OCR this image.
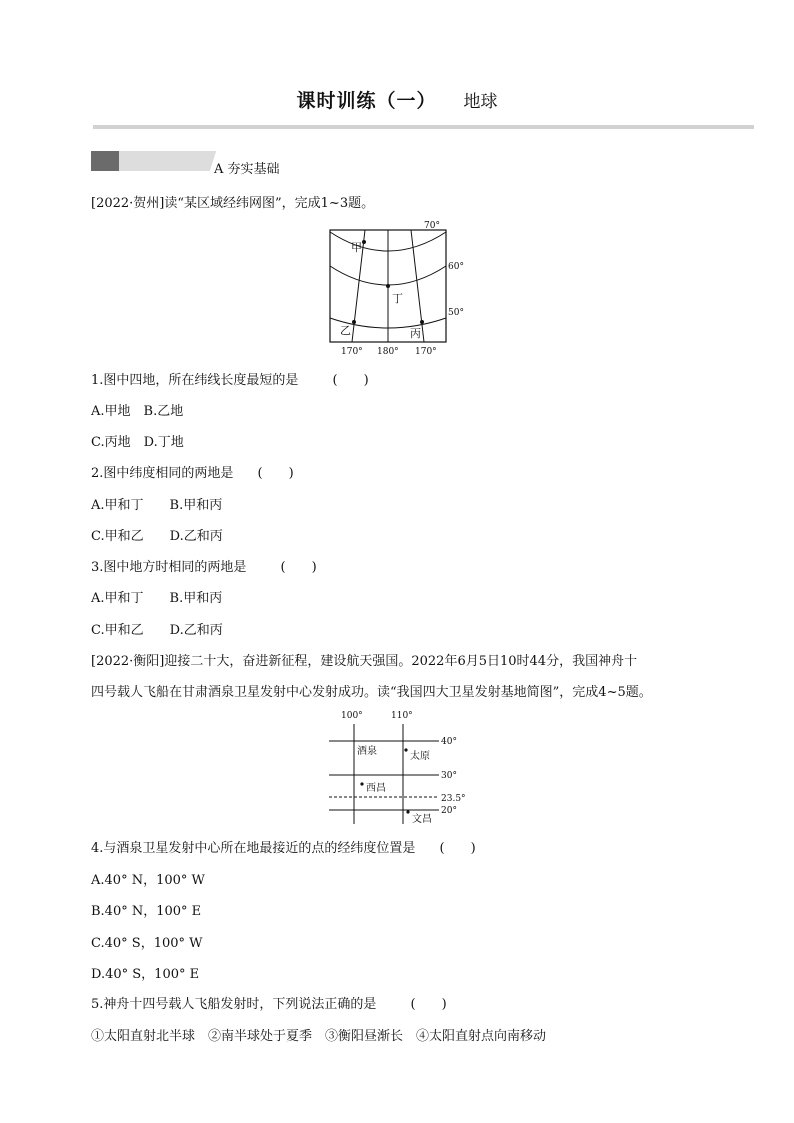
课时训练（一） 地球
A 夯实基础
[2022·贺州]读“某区域经纬网图”，完成1~3题。
甲
乙	丙
丁
70°
60°
50°
170° 180° 170°
1.图中四地，所在纬线长度最短的是	(　　)
A.甲地　B.乙地
C.丙地　D.丁地
2.图中纬度相同的两地是 (　　)
A.甲和丁　　B.甲和丙
C.甲和乙　　D.乙和丙
3.图中地方时相同的两地是	(　　)
A.甲和丁　　B.甲和丙
C.甲和乙　　D.乙和丙
[2022·衡阳]迎接二十大，奋进新征程，建设航天强国。2022年6月5日10时44分，我国神舟十
四号载人飞船在甘肃酒泉卫星发射中心发射成功。读“我国四大卫星发射基地简图”，完成4~5题。
100°	110°
40°
30°
23.5°
20°
酒泉	太原
西昌
文昌
4.与酒泉卫星发射中心所在地最接近的点的经纬度位置是 (　　)
A.40° N，100° W
B.40° N，100° E
C.40° S，100° W
D.40° S，100° E
5.神舟十四号载人飞船发射时，下列说法正确的是	(　　)
①太阳直射北半球　②南半球处于夏季　③衡阳昼渐长　④太阳直射点向南移动
